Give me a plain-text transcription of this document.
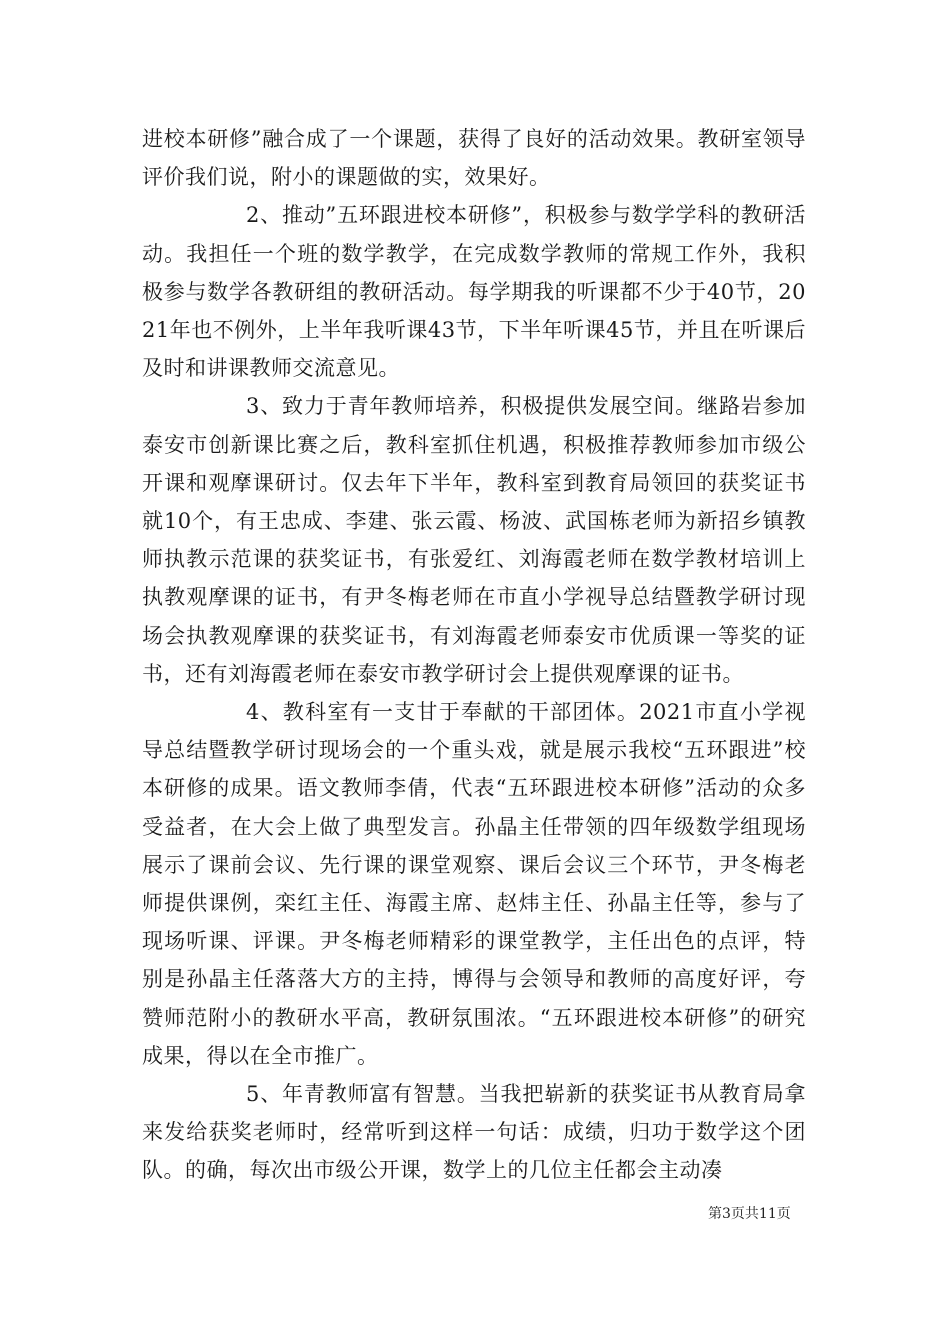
进校本研修”融合成了一个课题，获得了良好的活动效果。教研室领导评价我们说，附小的课题做的实，效果好。

2、推动”五环跟进校本研修”，积极参与数学学科的教研活动。我担任一个班的数学教学，在完成数学教师的常规工作外，我积极参与数学各教研组的教研活动。每学期我的听课都不少于40节，2021年也不例外，上半年我听课43节，下半年听课45节，并且在听课后及时和讲课教师交流意见。

3、致力于青年教师培养，积极提供发展空间。继路岩参加泰安市创新课比赛之后，教科室抓住机遇，积极推荐教师参加市级公开课和观摩课研讨。仅去年下半年，教科室到教育局领回的获奖证书就10个，有王忠成、李建、张云霞、杨波、武国栋老师为新招乡镇教师执教示范课的获奖证书，有张爱红、刘海霞老师在数学教材培训上执教观摩课的证书，有尹冬梅老师在市直小学视导总结暨教学研讨现场会执教观摩课的获奖证书，有刘海霞老师泰安市优质课一等奖的证书，还有刘海霞老师在泰安市教学研讨会上提供观摩课的证书。

4、教科室有一支甘于奉献的干部团体。2021市直小学视导总结暨教学研讨现场会的一个重头戏，就是展示我校“五环跟进”校本研修的成果。语文教师李倩，代表“五环跟进校本研修”活动的众多受益者，在大会上做了典型发言。孙晶主任带领的四年级数学组现场展示了课前会议、先行课的课堂观察、课后会议三个环节，尹冬梅老师提供课例，栾红主任、海霞主席、赵炜主任、孙晶主任等，参与了现场听课、评课。尹冬梅老师精彩的课堂教学，主任出色的点评，特别是孙晶主任落落大方的主持，博得与会领导和教师的高度好评，夸赞师范附小的教研水平高，教研氛围浓。“五环跟进校本研修”的研究成果，得以在全市推广。

5、年青教师富有智慧。当我把崭新的获奖证书从教育局拿来发给获奖老师时，经常听到这样一句话：成绩，归功于数学这个团队。的确，每次出市级公开课，数学上的几位主任都会主动凑

第3页共11页
